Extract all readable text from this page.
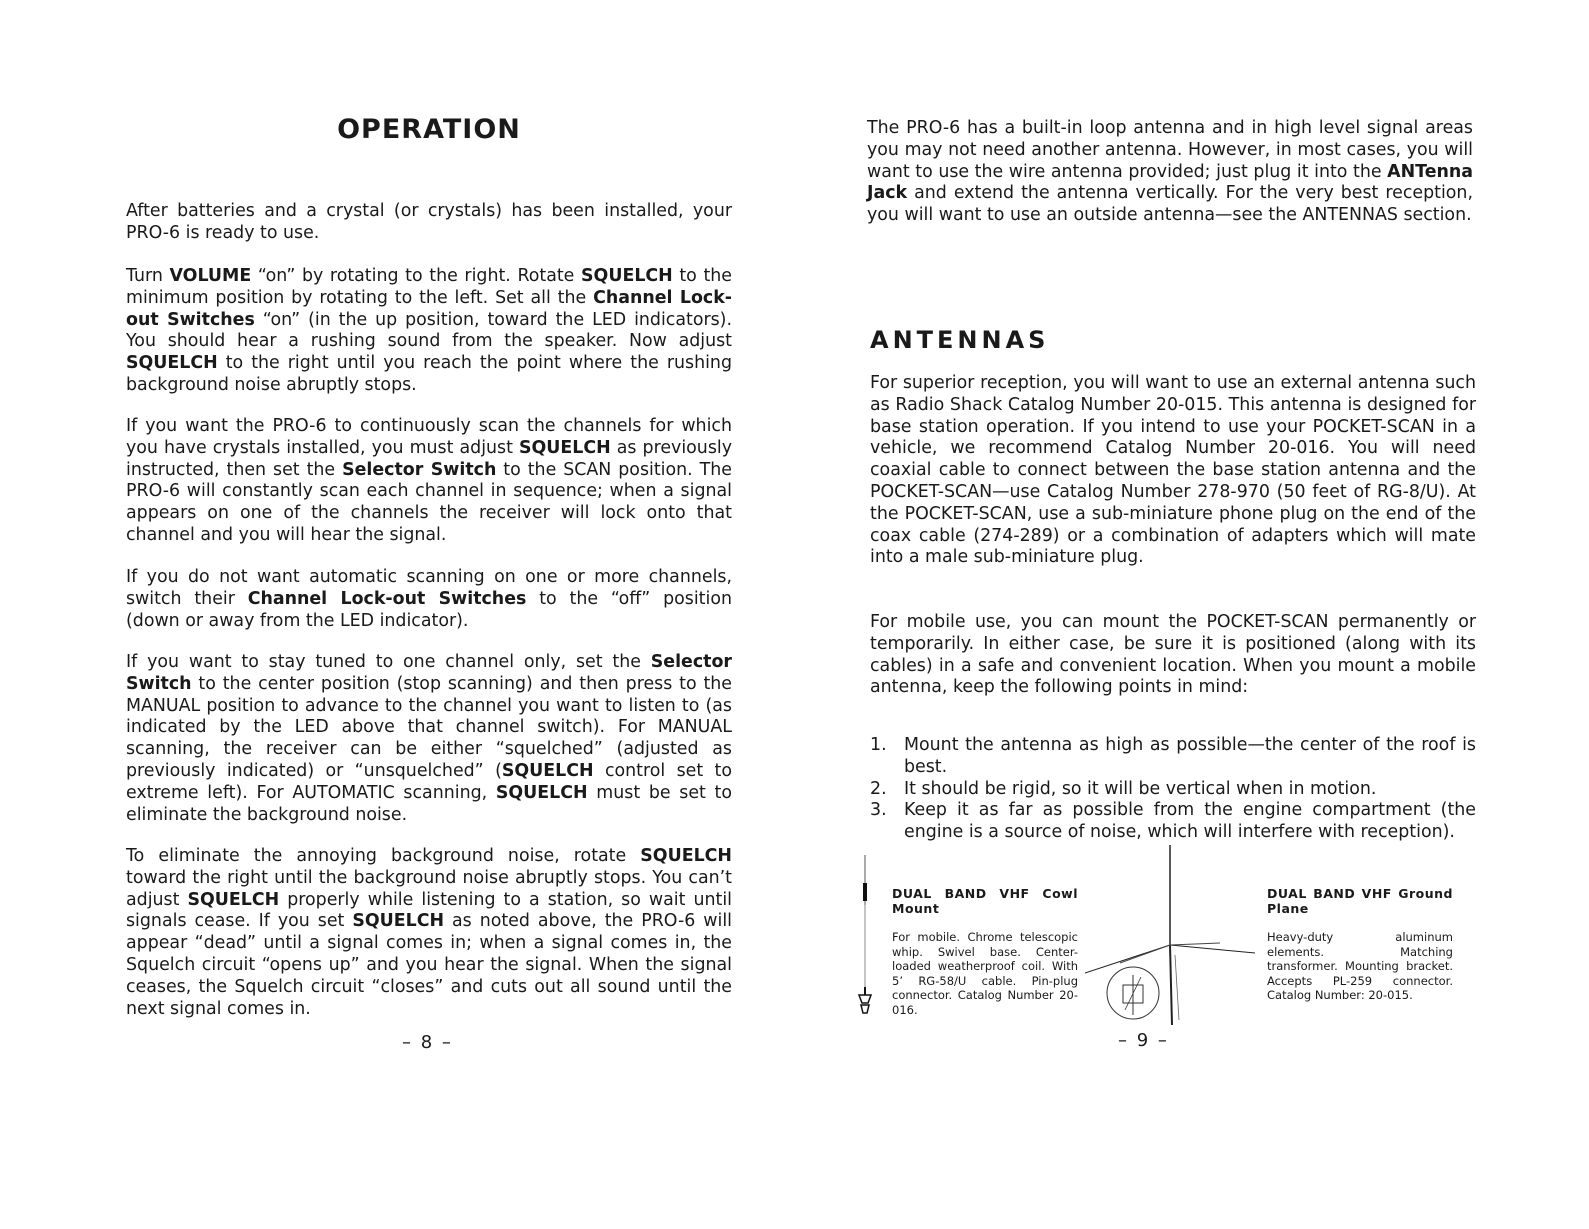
OPERATION

After batteries and a crystal (or crystals) has been installed, your PRO-6 is ready to use.

Turn VOLUME “on” by rotating to the right. Rotate SQUELCH to the minimum position by rotating to the left. Set all the Channel Lock-out Switches “on” (in the up position, toward the LED indicators). You should hear a rushing sound from the speaker. Now adjust SQUELCH to the right until you reach the point where the rushing background noise abruptly stops.

If you want the PRO-6 to continuously scan the channels for which you have crystals installed, you must adjust SQUELCH as previously instructed, then set the Selector Switch to the SCAN position. The PRO-6 will constantly scan each channel in sequence; when a signal appears on one of the channels the receiver will lock onto that channel and you will hear the signal.

If you do not want automatic scanning on one or more channels, switch their Channel Lock-out Switches to the “off” position (down or away from the LED indicator).

If you want to stay tuned to one channel only, set the Selector Switch to the center position (stop scanning) and then press to the MANUAL position to advance to the channel you want to listen to (as indicated by the LED above that channel switch). For MANUAL scanning, the receiver can be either “squelched” (adjusted as previously indicated) or “unsquelched” (SQUELCH control set to extreme left). For AUTOMATIC scanning, SQUELCH must be set to eliminate the background noise.

To eliminate the annoying background noise, rotate SQUELCH toward the right until the background noise abruptly stops. You can’t adjust SQUELCH properly while listening to a station, so wait until signals cease. If you set SQUELCH as noted above, the PRO-6 will appear “dead” until a signal comes in; when a signal comes in, the Squelch circuit “opens up” and you hear the signal. When the signal ceases, the Squelch circuit “closes” and cuts out all sound until the next signal comes in.

– 8 –

The PRO-6 has a built-in loop antenna and in high level signal areas you may not need another antenna. However, in most cases, you will want to use the wire antenna provided; just plug it into the ANTenna Jack and extend the antenna vertically. For the very best reception, you will want to use an outside antenna—see the ANTENNAS section.

ANTENNAS

For superior reception, you will want to use an external antenna such as Radio Shack Catalog Number 20-015. This antenna is designed for base station operation. If you intend to use your POCKET-SCAN in a vehicle, we recommend Catalog Number 20-016. You will need coaxial cable to connect between the base station antenna and the POCKET-SCAN—use Catalog Number 278-970 (50 feet of RG-8/U). At the POCKET-SCAN, use a sub-miniature phone plug on the end of the coax cable (274-289) or a combination of adapters which will mate into a male sub-miniature plug.

For mobile use, you can mount the POCKET-SCAN permanently or temporarily. In either case, be sure it is positioned (along with its cables) in a safe and convenient location. When you mount a mobile antenna, keep the following points in mind:

1. Mount the antenna as high as possible—the center of the roof is best.
2. It should be rigid, so it will be vertical when in motion.
3. Keep it as far as possible from the engine compartment (the engine is a source of noise, which will interfere with reception).
DUAL BAND VHF Cowl Mount
For mobile. Chrome telescopic whip. Swivel base. Center-loaded weatherproof coil. With 5’ RG-58/U cable. Pin-plug connector. Catalog Number 20-016.
DUAL BAND VHF Ground Plane
Heavy-duty aluminum elements. Matching transformer. Mounting bracket. Accepts PL-259 connector. Catalog Number: 20-015.
– 9 –
